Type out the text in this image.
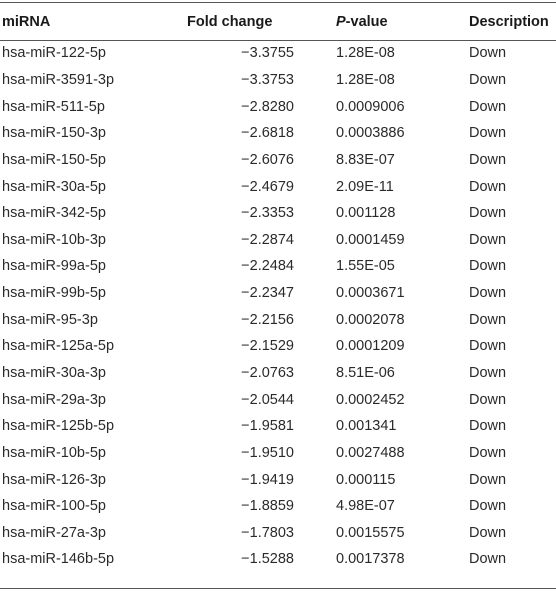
miRNA	Fold change	P-value	Description
hsa-miR-122-5p	−3.3755	1.28E-08	Down
hsa-miR-3591-3p	−3.3753	1.28E-08	Down
hsa-miR-511-5p	−2.8280	0.0009006	Down
hsa-miR-150-3p	−2.6818	0.0003886	Down
hsa-miR-150-5p	−2.6076	8.83E-07	Down
hsa-miR-30a-5p	−2.4679	2.09E-11	Down
hsa-miR-342-5p	−2.3353	0.001128	Down
hsa-miR-10b-3p	−2.2874	0.0001459	Down
hsa-miR-99a-5p	−2.2484	1.55E-05	Down
hsa-miR-99b-5p	−2.2347	0.0003671	Down
hsa-miR-95-3p	−2.2156	0.0002078	Down
hsa-miR-125a-5p	−2.1529	0.0001209	Down
hsa-miR-30a-3p	−2.0763	8.51E-06	Down
hsa-miR-29a-3p	−2.0544	0.0002452	Down
hsa-miR-125b-5p	−1.9581	0.001341	Down
hsa-miR-10b-5p	−1.9510	0.0027488	Down
hsa-miR-126-3p	−1.9419	0.000115	Down
hsa-miR-100-5p	−1.8859	4.98E-07	Down
hsa-miR-27a-3p	−1.7803	0.0015575	Down
hsa-miR-146b-5p	−1.5288	0.0017378	Down
